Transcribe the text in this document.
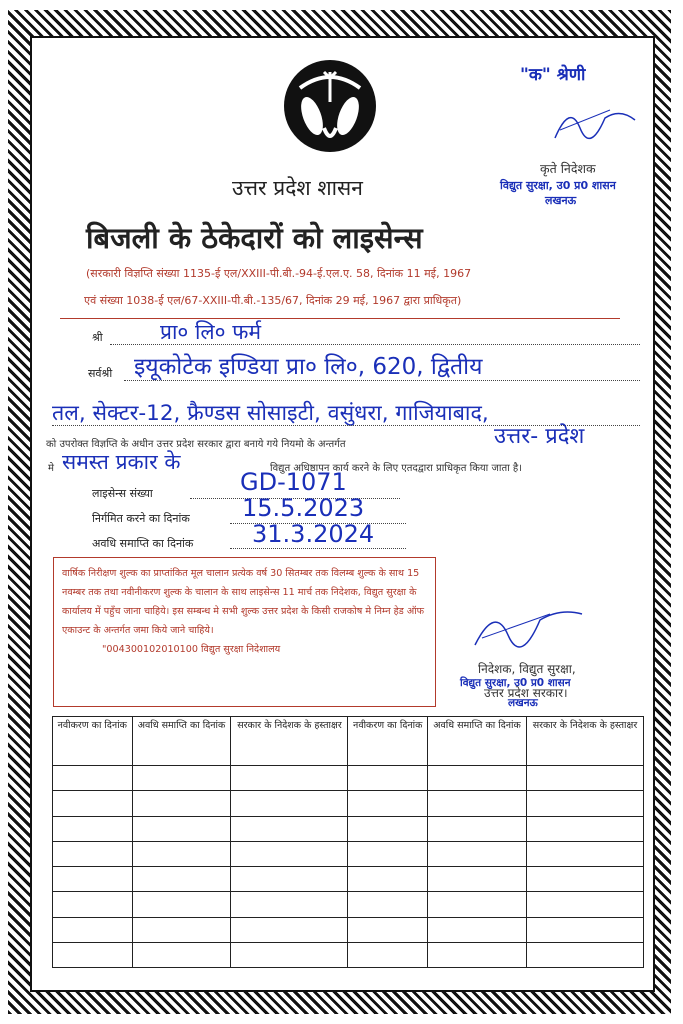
"क" श्रेणी
कृते निदेशक
विद्युत सुरक्षा, उ0 प्र0 शासन
लखनऊ
उत्तर प्रदेश शासन
बिजली के ठेकेदारों को लाइसेन्स
(सरकारी विज्ञप्ति संख्या 1135-ई एल/XXIII-पी.बी.-94-ई.एल.ए. 58, दिनांक 11 मई, 1967
एवं संख्या 1038-ई एल/67-XXIII-पी.बी.-135/67, दिनांक 29 मई, 1967 द्वारा प्राधिकृत)
श्री	प्रा० लि० फर्म
सर्वश्री इयूकोटेक इण्डिया प्रा० लि०, 620, द्वितीय
तल, सेक्टर-12, फ्रैण्डस सोसाइटी, वसुंधरा, गाजियाबाद,
को उपरोक्त विज्ञप्ति के अधीन उत्तर प्रदेश सरकार द्वारा बनाये गये नियमो के अन्तर्गत	उत्तर- प्रदेश
मे समस्त प्रकार के	विद्युत अधिष्ठापन कार्य करने के लिए एतदद्वारा प्राधिकृत किया जाता है।
लाइसेन्स संख्या	GD-1071
निर्गमित करने का दिनांक 15.5.2023
अवधि समाप्ति का दिनांक 31.3.2024
वार्षिक निरीक्षण शुल्क का प्राप्तांकित मूल चालान प्रत्येक वर्ष 30 सितम्बर तक विलम्ब शुल्क के साथ 15 नवम्बर तक तथा नवीनीकरण शुल्क के चालान के साथ लाइसेन्स 11 मार्च तक निदेशक, विद्युत सुरक्षा के कार्यालय में पहुँच जाना चाहिये। इस सम्बन्ध मे सभी शुल्क उत्तर प्रदेश के किसी राजकोष मे निम्न हेड ऑफ एकाउन्ट के अन्तर्गत जमा किये जाने चाहिये।
"004300102010100 विद्युत सुरक्षा निदेशालय
निदेशक, विद्युत सुरक्षा,
विद्युत सुरक्षा, उ0 प्र0 शासन
उत्तर प्रदेश सरकार।
लखनऊ
नवीकरण का दिनांक	अवधि समाप्ति का दिनांक	सरकार के निदेशक के हस्ताक्षर	नवीकरण का दिनांक	अवधि समाप्ति का दिनांक	सरकार के निदेशक के हस्ताक्षर
